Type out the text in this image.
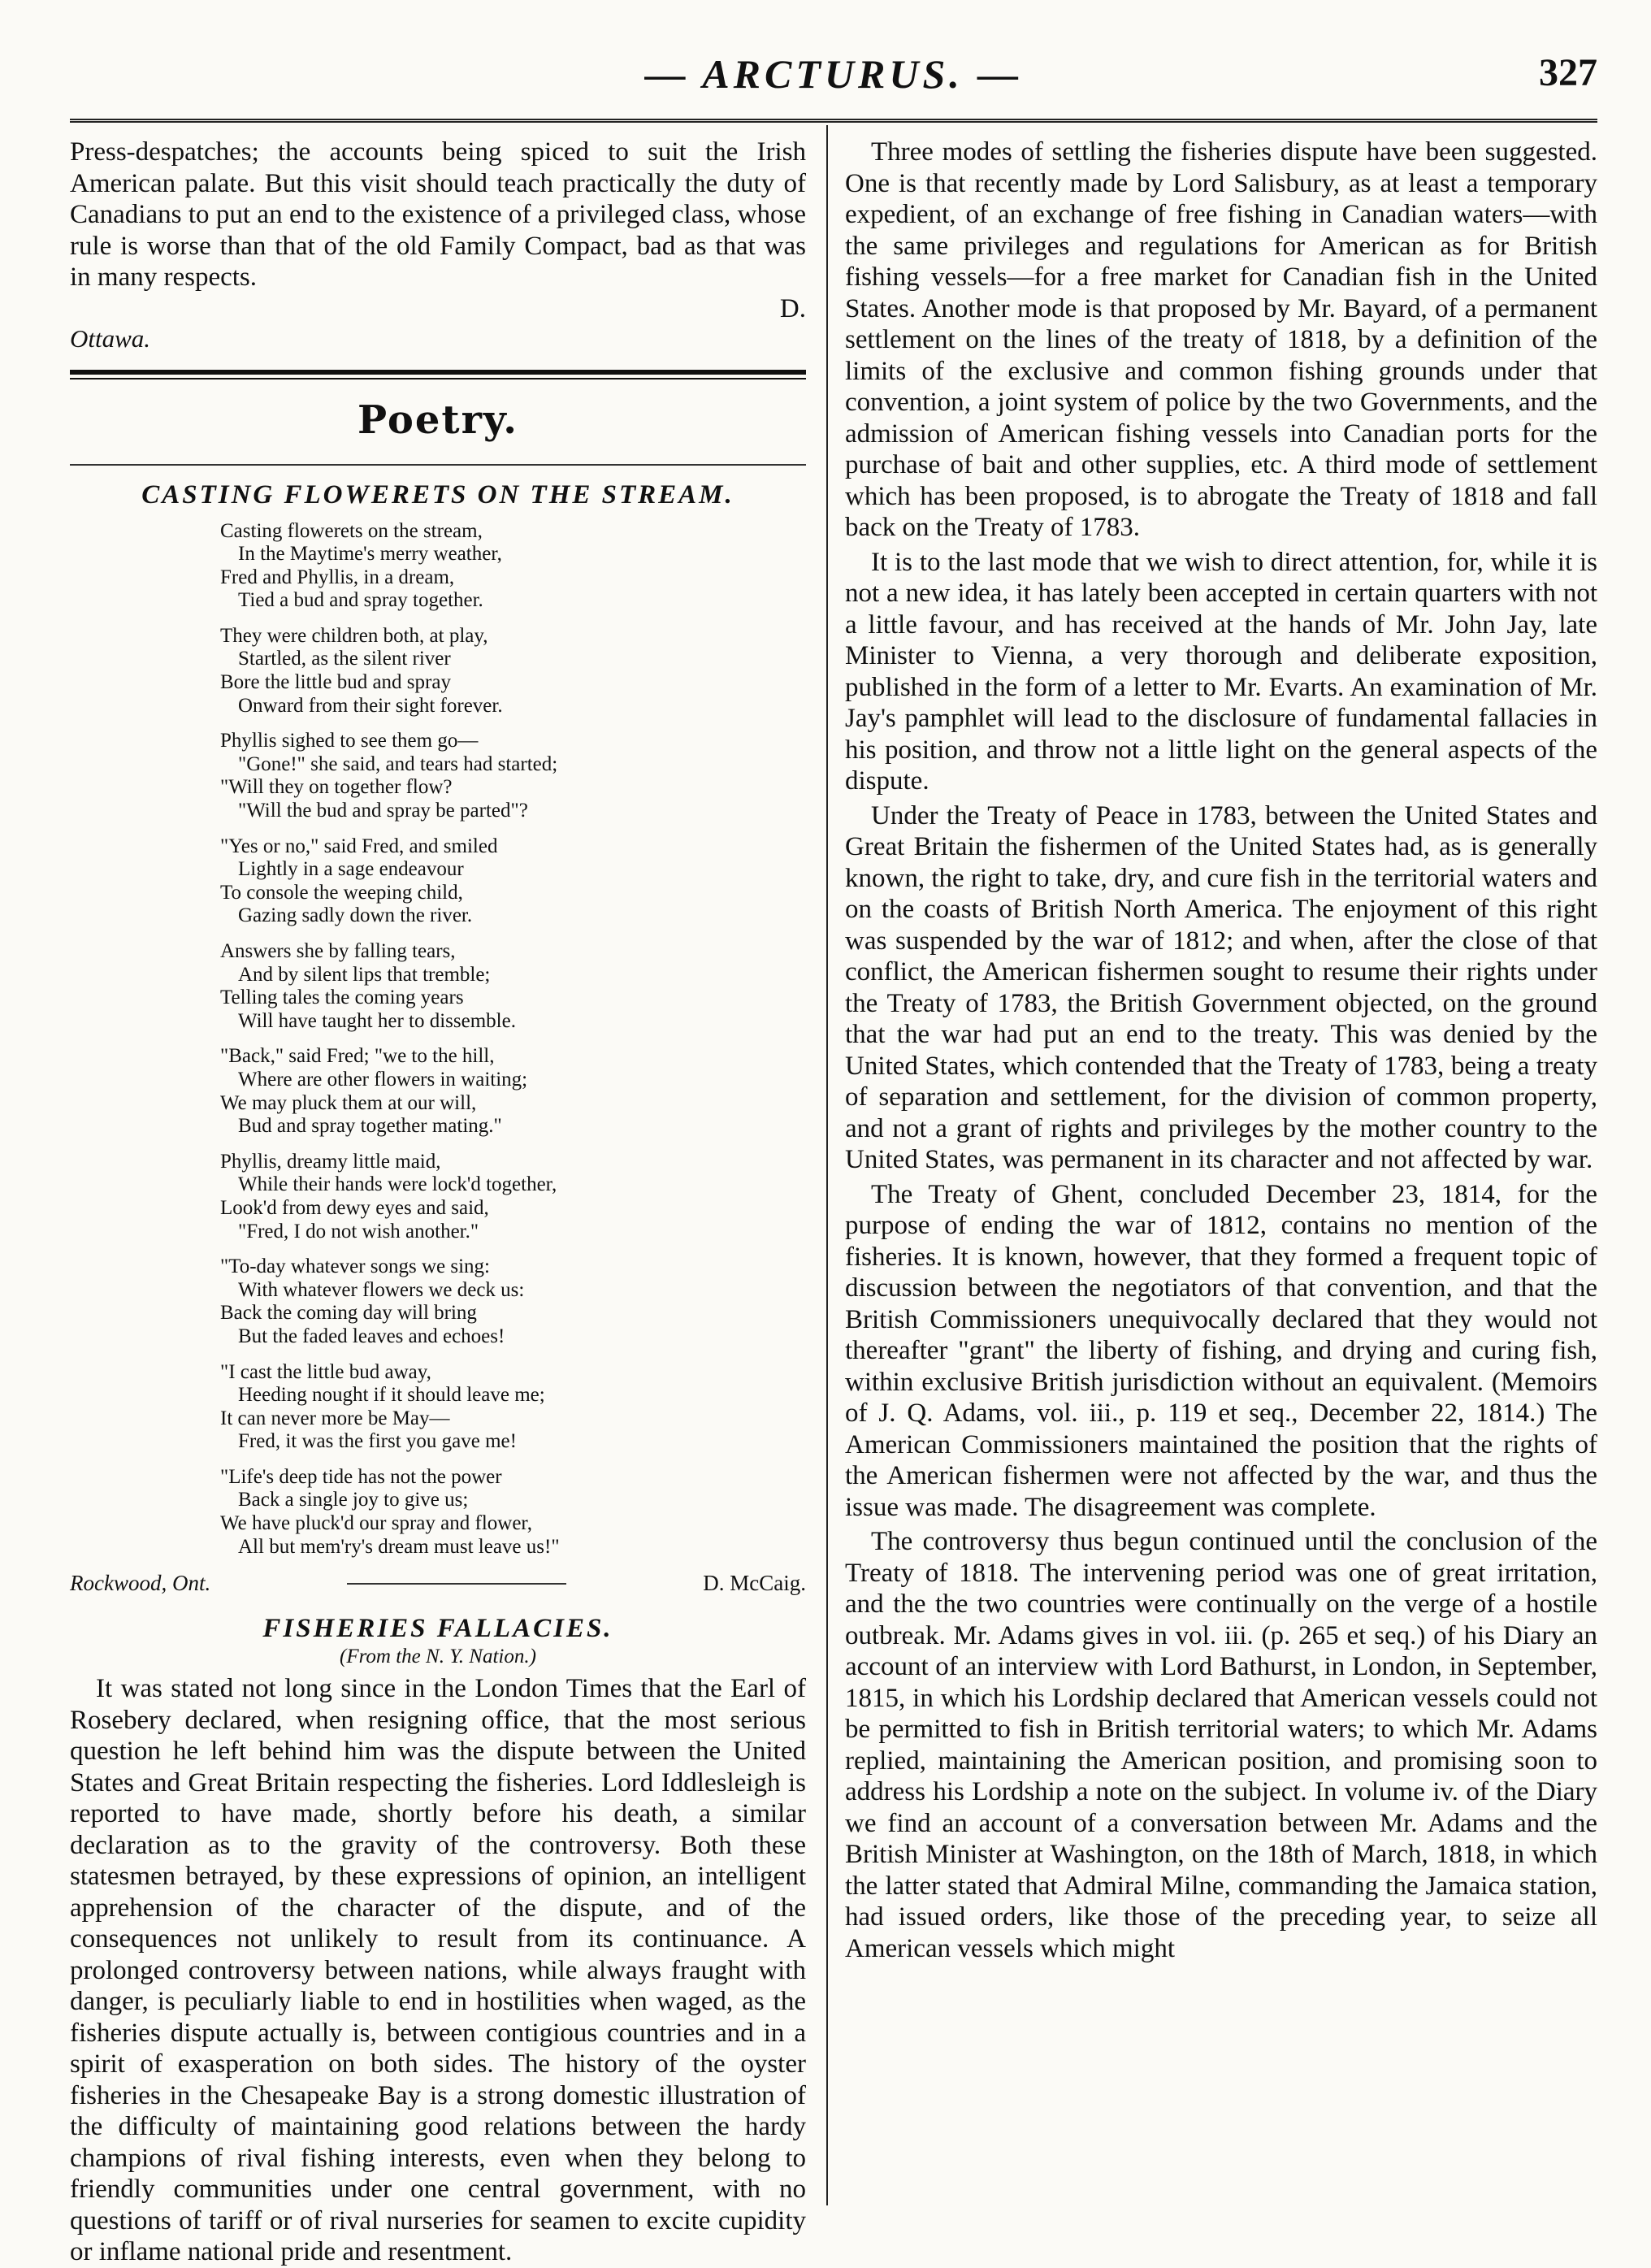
— ARCTURUS. —	327

Press-despatches; the accounts being spiced to suit the Irish American palate. But this visit should teach practically the duty of Canadians to put an end to the existence of a privileged class, whose rule is worse than that of the old Family Compact, bad as that was in many respects.

D.
Ottawa.
Poetry.
CASTING FLOWERETS ON THE STREAM.
Casting flowerets on the stream,
In the Maytime's merry weather,
Fred and Phyllis, in a dream,
Tied a bud and spray together.
They were children both, at play,
Startled, as the silent river
Bore the little bud and spray
Onward from their sight forever.
Phyllis sighed to see them go—
"Gone!" she said, and tears had started;
"Will they on together flow?
"Will the bud and spray be parted"?
"Yes or no," said Fred, and smiled
Lightly in a sage endeavour
To console the weeping child,
Gazing sadly down the river.
Answers she by falling tears,
And by silent lips that tremble;
Telling tales the coming years
Will have taught her to dissemble.
"Back," said Fred; "we to the hill,
Where are other flowers in waiting;
We may pluck them at our will,
Bud and spray together mating."
Phyllis, dreamy little maid,
While their hands were lock'd together,
Look'd from dewy eyes and said,
"Fred, I do not wish another."
"To-day whatever songs we sing:
With whatever flowers we deck us:
Back the coming day will bring
But the faded leaves and echoes!
"I cast the little bud away,
Heeding nought if it should leave me;
It can never more be May—
Fred, it was the first you gave me!
"Life's deep tide has not the power
Back a single joy to give us;
We have pluck'd our spray and flower,
All but mem'ry's dream must leave us!"
Rockwood, Ont.	D. McCaig.
FISHERIES FALLACIES.
(From the N. Y. Nation.)

It was stated not long since in the London Times that the Earl of Rosebery declared, when resigning office, that the most serious question he left behind him was the dispute between the United States and Great Britain respecting the fisheries. Lord Iddlesleigh is reported to have made, shortly before his death, a similar declaration as to the gravity of the controversy. Both these statesmen betrayed, by these expressions of opinion, an intelligent apprehension of the character of the dispute, and of the consequences not unlikely to result from its continuance. A prolonged controversy between nations, while always fraught with danger, is peculiarly liable to end in hostilities when waged, as the fisheries dispute actually is, between contigious countries and in a spirit of exasperation on both sides. The history of the oyster fisheries in the Chesapeake Bay is a strong domestic illustration of the difficulty of maintaining good relations between the hardy champions of rival fishing interests, even when they belong to friendly communities under one central government, with no questions of tariff or of rival nurseries for seamen to excite cupidity or inflame national pride and resentment.

Three modes of settling the fisheries dispute have been suggested. One is that recently made by Lord Salisbury, as at least a temporary expedient, of an exchange of free fishing in Canadian waters—with the same privileges and regulations for American as for British fishing vessels—for a free market for Canadian fish in the United States. Another mode is that proposed by Mr. Bayard, of a permanent settlement on the lines of the treaty of 1818, by a definition of the limits of the exclusive and common fishing grounds under that convention, a joint system of police by the two Governments, and the admission of American fishing vessels into Canadian ports for the purchase of bait and other supplies, etc. A third mode of settlement which has been proposed, is to abrogate the Treaty of 1818 and fall back on the Treaty of 1783.

It is to the last mode that we wish to direct attention, for, while it is not a new idea, it has lately been accepted in certain quarters with not a little favour, and has received at the hands of Mr. John Jay, late Minister to Vienna, a very thorough and deliberate exposition, published in the form of a letter to Mr. Evarts. An examination of Mr. Jay's pamphlet will lead to the disclosure of fundamental fallacies in his position, and throw not a little light on the general aspects of the dispute.

Under the Treaty of Peace in 1783, between the United States and Great Britain the fishermen of the United States had, as is generally known, the right to take, dry, and cure fish in the territorial waters and on the coasts of British North America. The enjoyment of this right was suspended by the war of 1812; and when, after the close of that conflict, the American fishermen sought to resume their rights under the Treaty of 1783, the British Government objected, on the ground that the war had put an end to the treaty. This was denied by the United States, which contended that the Treaty of 1783, being a treaty of separation and settlement, for the division of common property, and not a grant of rights and privileges by the mother country to the United States, was permanent in its character and not affected by war.

The Treaty of Ghent, concluded December 23, 1814, for the purpose of ending the war of 1812, contains no mention of the fisheries. It is known, however, that they formed a frequent topic of discussion between the negotiators of that convention, and that the British Commissioners unequivocally declared that they would not thereafter "grant" the liberty of fishing, and drying and curing fish, within exclusive British jurisdiction without an equivalent. (Memoirs of J. Q. Adams, vol. iii., p. 119 et seq., December 22, 1814.) The American Commissioners maintained the position that the rights of the American fishermen were not affected by the war, and thus the issue was made. The disagreement was complete.

The controversy thus begun continued until the conclusion of the Treaty of 1818. The intervening period was one of great irritation, and the the two countries were continually on the verge of a hostile outbreak. Mr. Adams gives in vol. iii. (p. 265 et seq.) of his Diary an account of an interview with Lord Bathurst, in London, in September, 1815, in which his Lordship declared that American vessels could not be permitted to fish in British territorial waters; to which Mr. Adams replied, maintaining the American position, and promising soon to address his Lordship a note on the subject. In volume iv. of the Diary we find an account of a conversation between Mr. Adams and the British Minister at Washington, on the 18th of March, 1818, in which the latter stated that Admiral Milne, commanding the Jamaica station, had issued orders, like those of the preceding year, to seize all American vessels which might
